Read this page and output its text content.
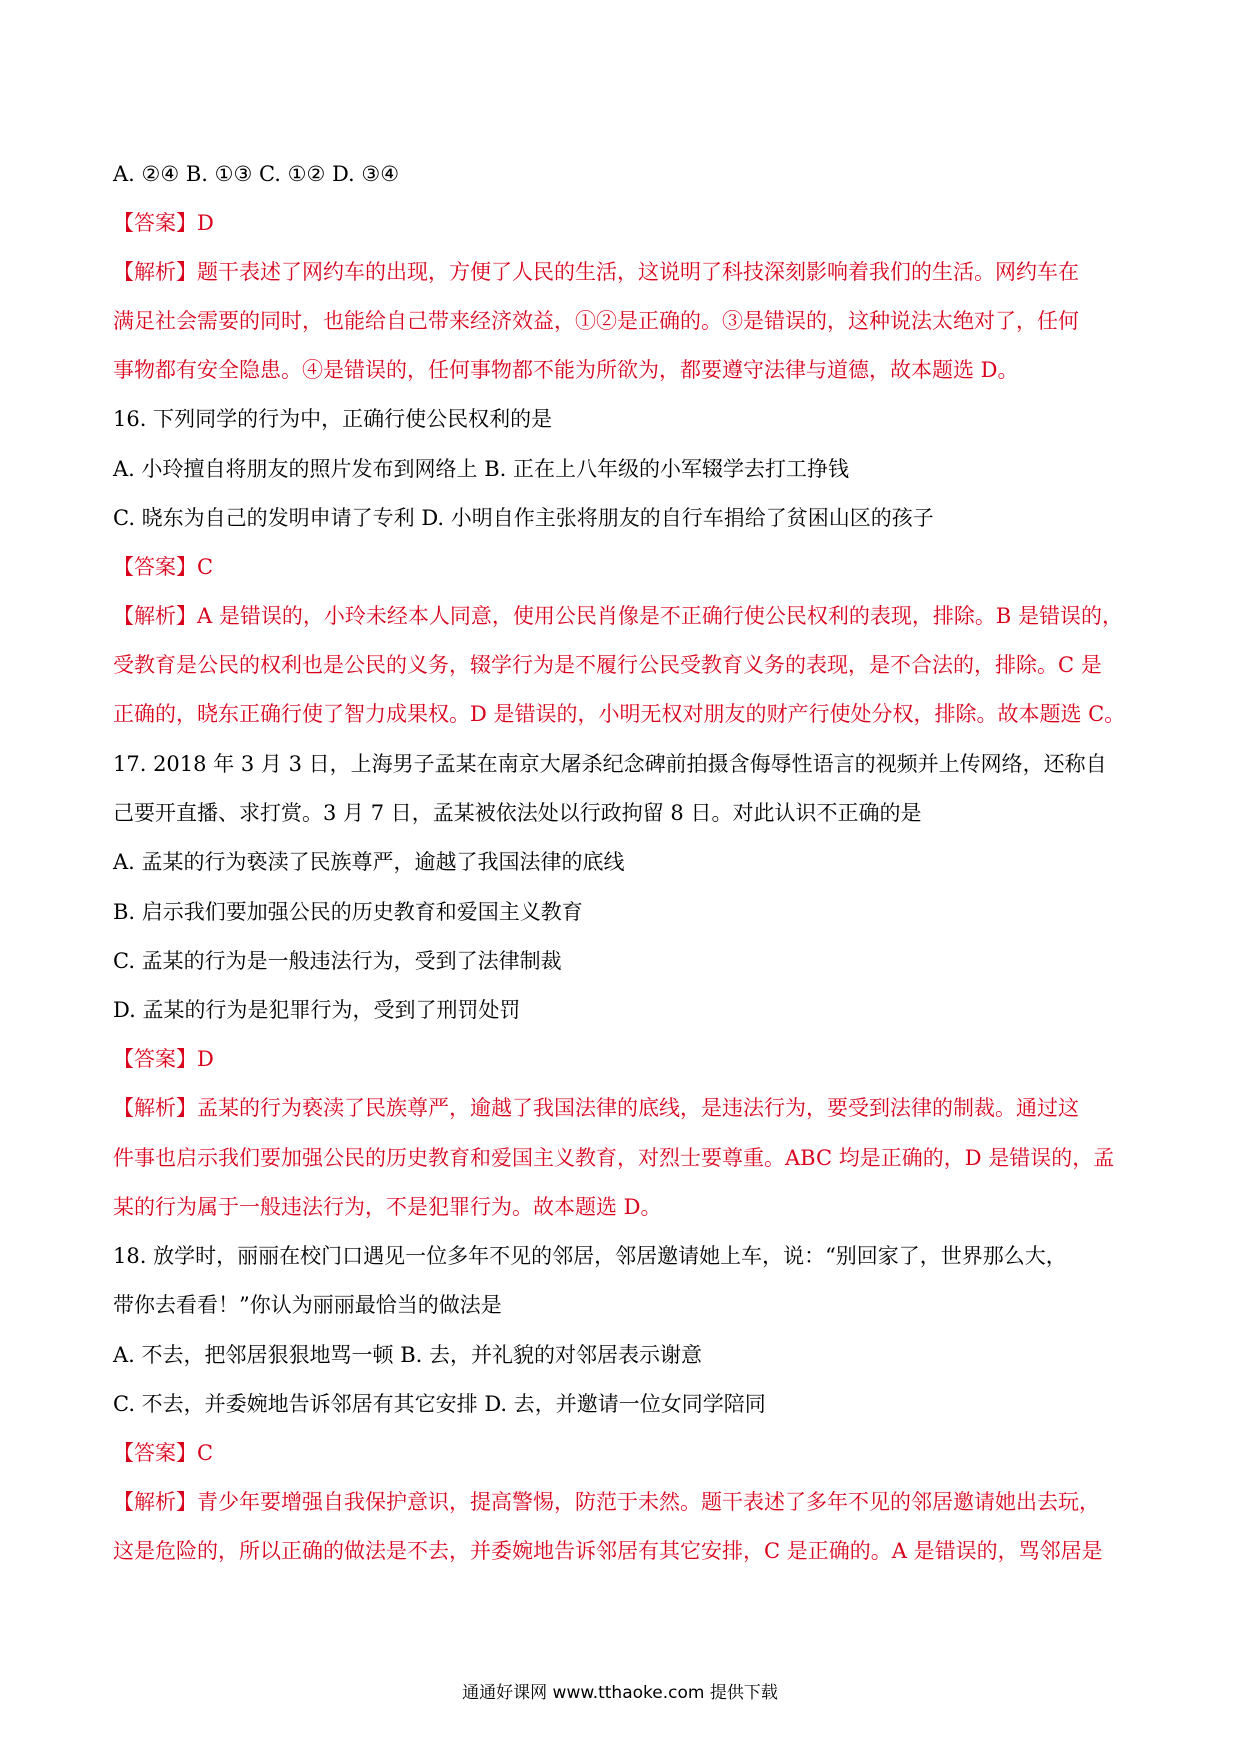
A. ②④ B. ①③ C. ①② D. ③④
【答案】D
【解析】题干表述了网约车的出现，方便了人民的生活，这说明了科技深刻影响着我们的生活。网约车在
满足社会需要的同时，也能给自己带来经济效益，①②是正确的。③是错误的，这种说法太绝对了，任何
事物都有安全隐患。④是错误的，任何事物都不能为所欲为，都要遵守法律与道德，故本题选 D。
16. 下列同学的行为中，正确行使公民权利的是
A. 小玲擅自将朋友的照片发布到网络上 B. 正在上八年级的小军辍学去打工挣钱
C. 晓东为自己的发明申请了专利 D. 小明自作主张将朋友的自行车捐给了贫困山区的孩子
【答案】C
【解析】A 是错误的，小玲未经本人同意，使用公民肖像是不正确行使公民权利的表现，排除。B 是错误的，
受教育是公民的权利也是公民的义务，辍学行为是不履行公民受教育义务的表现，是不合法的，排除。C 是
正确的，晓东正确行使了智力成果权。D 是错误的，小明无权对朋友的财产行使处分权，排除。故本题选 C。
17. 2018 年 3 月 3 日，上海男子孟某在南京大屠杀纪念碑前拍摄含侮辱性语言的视频并上传网络，还称自
己要开直播、求打赏。3 月 7 日，孟某被依法处以行政拘留 8 日。对此认识不正确的是
A. 孟某的行为亵渎了民族尊严，逾越了我国法律的底线
B. 启示我们要加强公民的历史教育和爱国主义教育
C. 孟某的行为是一般违法行为，受到了法律制裁
D. 孟某的行为是犯罪行为，受到了刑罚处罚
【答案】D
【解析】孟某的行为亵渎了民族尊严，逾越了我国法律的底线，是违法行为，要受到法律的制裁。通过这
件事也启示我们要加强公民的历史教育和爱国主义教育，对烈士要尊重。ABC 均是正确的，D 是错误的，孟
某的行为属于一般违法行为，不是犯罪行为。故本题选 D。
18. 放学时，丽丽在校门口遇见一位多年不见的邻居，邻居邀请她上车，说：“别回家了，世界那么大，
带你去看看！”你认为丽丽最恰当的做法是
A. 不去，把邻居狠狠地骂一顿 B. 去，并礼貌的对邻居表示谢意
C. 不去，并委婉地告诉邻居有其它安排 D. 去，并邀请一位女同学陪同
【答案】C
【解析】青少年要增强自我保护意识，提高警惕，防范于未然。题干表述了多年不见的邻居邀请她出去玩，
这是危险的，所以正确的做法是不去，并委婉地告诉邻居有其它安排，C 是正确的。A 是错误的，骂邻居是
通通好课网 www.tthaoke.com 提供下载
